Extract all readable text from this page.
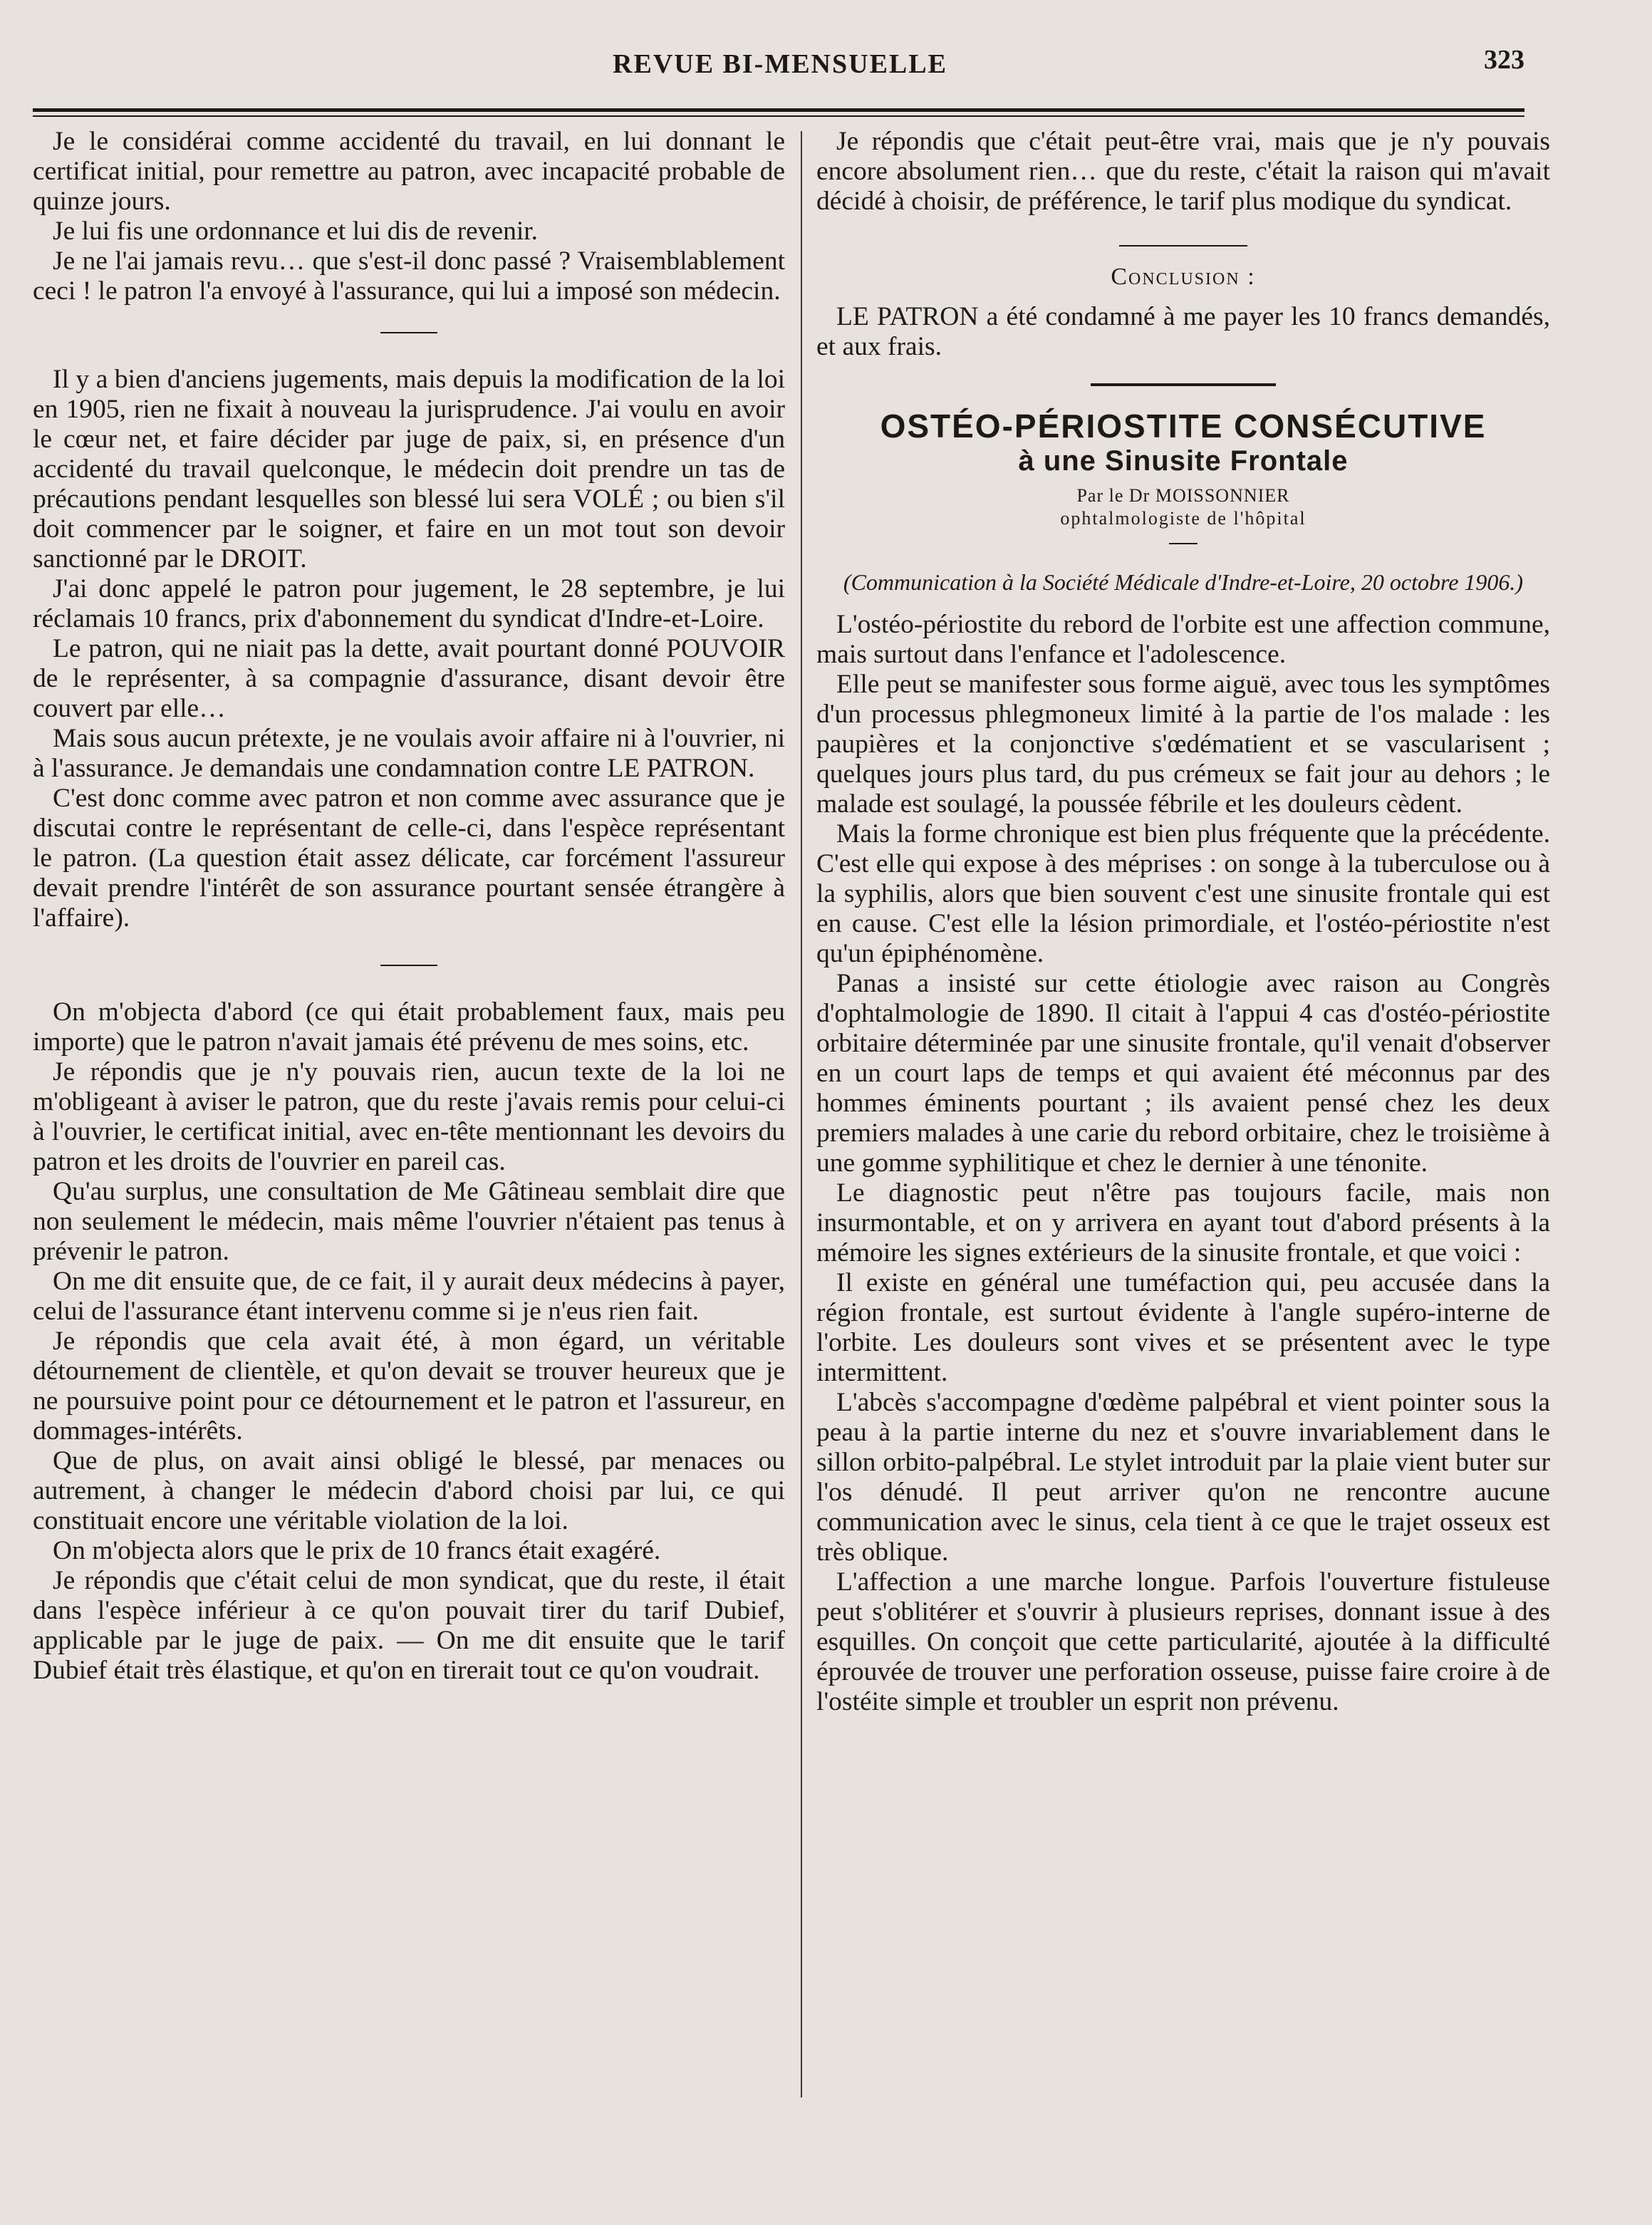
REVUE BI-MENSUELLE	323

Je le considérai comme accidenté du travail, en lui donnant le certificat initial, pour remettre au patron, avec incapacité probable de quinze jours.

Je lui fis une ordonnance et lui dis de revenir.

Je ne l'ai jamais revu… que s'est-il donc passé ? Vraisemblablement ceci ! le patron l'a envoyé à l'assurance, qui lui a imposé son médecin.

Il y a bien d'anciens jugements, mais depuis la modification de la loi en 1905, rien ne fixait à nouveau la jurisprudence. J'ai voulu en avoir le cœur net, et faire décider par juge de paix, si, en présence d'un accidenté du travail quelconque, le médecin doit prendre un tas de précautions pendant lesquelles son blessé lui sera VOLÉ ; ou bien s'il doit commencer par le soigner, et faire en un mot tout son devoir sanctionné par le DROIT.

J'ai donc appelé le patron pour jugement, le 28 septembre, je lui réclamais 10 francs, prix d'abonnement du syndicat d'Indre-et-Loire.

Le patron, qui ne niait pas la dette, avait pourtant donné POUVOIR de le représenter, à sa compagnie d'assurance, disant devoir être couvert par elle…

Mais sous aucun prétexte, je ne voulais avoir affaire ni à l'ouvrier, ni à l'assurance. Je demandais une condamnation contre LE PATRON.

C'est donc comme avec patron et non comme avec assurance que je discutai contre le représentant de celle-ci, dans l'espèce représentant le patron. (La question était assez délicate, car forcément l'assureur devait prendre l'intérêt de son assurance pourtant sensée étrangère à l'affaire).

On m'objecta d'abord (ce qui était probablement faux, mais peu importe) que le patron n'avait jamais été prévenu de mes soins, etc.

Je répondis que je n'y pouvais rien, aucun texte de la loi ne m'obligeant à aviser le patron, que du reste j'avais remis pour celui-ci à l'ouvrier, le certificat initial, avec en-tête mentionnant les devoirs du patron et les droits de l'ouvrier en pareil cas.

Qu'au surplus, une consultation de Me Gâtineau semblait dire que non seulement le médecin, mais même l'ouvrier n'étaient pas tenus à prévenir le patron.

On me dit ensuite que, de ce fait, il y aurait deux médecins à payer, celui de l'assurance étant intervenu comme si je n'eus rien fait.

Je répondis que cela avait été, à mon égard, un véritable détournement de clientèle, et qu'on devait se trouver heureux que je ne poursuive point pour ce détournement et le patron et l'assureur, en dommages-intérêts.

Que de plus, on avait ainsi obligé le blessé, par menaces ou autrement, à changer le médecin d'abord choisi par lui, ce qui constituait encore une véritable violation de la loi.

On m'objecta alors que le prix de 10 francs était exagéré.

Je répondis que c'était celui de mon syndicat, que du reste, il était dans l'espèce inférieur à ce qu'on pouvait tirer du tarif Dubief, applicable par le juge de paix. — On me dit ensuite que le tarif Dubief était très élastique, et qu'on en tirerait tout ce qu'on voudrait.

Je répondis que c'était peut-être vrai, mais que je n'y pouvais encore absolument rien… que du reste, c'était la raison qui m'avait décidé à choisir, de préférence, le tarif plus modique du syndicat.

Conclusion :

LE PATRON a été condamné à me payer les 10 francs demandés, et aux frais.

OSTÉO-PÉRIOSTITE CONSÉCUTIVE
à une Sinusite Frontale
Par le Dr MOISSONNIER
ophtalmologiste de l'hôpital
(Communication à la Société Médicale d'Indre-et-Loire, 20 octobre 1906.)

L'ostéo-périostite du rebord de l'orbite est une affection commune, mais surtout dans l'enfance et l'adolescence.

Elle peut se manifester sous forme aiguë, avec tous les symptômes d'un processus phlegmoneux limité à la partie de l'os malade : les paupières et la conjonctive s'œdématient et se vascularisent ; quelques jours plus tard, du pus crémeux se fait jour au dehors ; le malade est soulagé, la poussée fébrile et les douleurs cèdent.

Mais la forme chronique est bien plus fréquente que la précédente. C'est elle qui expose à des méprises : on songe à la tuberculose ou à la syphilis, alors que bien souvent c'est une sinusite frontale qui est en cause. C'est elle la lésion primordiale, et l'ostéo-périostite n'est qu'un épiphénomène.

Panas a insisté sur cette étiologie avec raison au Congrès d'ophtalmologie de 1890. Il citait à l'appui 4 cas d'ostéo-périostite orbitaire déterminée par une sinusite frontale, qu'il venait d'observer en un court laps de temps et qui avaient été méconnus par des hommes éminents pourtant ; ils avaient pensé chez les deux premiers malades à une carie du rebord orbitaire, chez le troisième à une gomme syphilitique et chez le dernier à une ténonite.

Le diagnostic peut n'être pas toujours facile, mais non insurmontable, et on y arrivera en ayant tout d'abord présents à la mémoire les signes extérieurs de la sinusite frontale, et que voici :

Il existe en général une tuméfaction qui, peu accusée dans la région frontale, est surtout évidente à l'angle supéro-interne de l'orbite. Les douleurs sont vives et se présentent avec le type intermittent.

L'abcès s'accompagne d'œdème palpébral et vient pointer sous la peau à la partie interne du nez et s'ouvre invariablement dans le sillon orbito-palpébral. Le stylet introduit par la plaie vient buter sur l'os dénudé. Il peut arriver qu'on ne rencontre aucune communication avec le sinus, cela tient à ce que le trajet osseux est très oblique.

L'affection a une marche longue. Parfois l'ouverture fistuleuse peut s'oblitérer et s'ouvrir à plusieurs reprises, donnant issue à des esquilles. On conçoit que cette particularité, ajoutée à la difficulté éprouvée de trouver une perforation osseuse, puisse faire croire à de l'ostéite simple et troubler un esprit non prévenu.
